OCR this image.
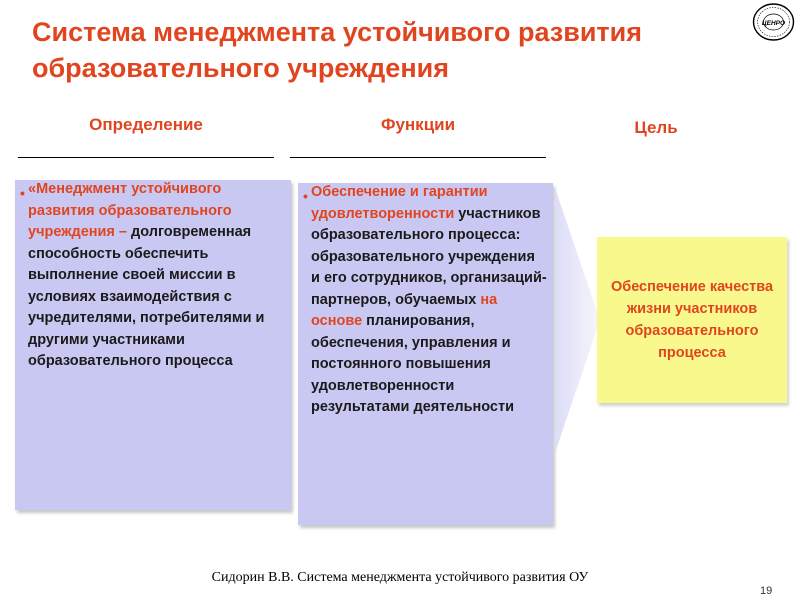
Система менеджмента устойчивого развития
образовательного учреждения
ЦЕНРО
Определение	Функции	Цель
• «Менеджмент устойчивого развития образовательного учреждения – долговременная способность обеспечить выполнение своей миссии в условиях взаимодействия с учредителями, потребителями и другими участниками образовательного процесса
• Обеспечение и гарантии удовлетворенности участников образовательного процесса: образовательного учреждения и его сотрудников, организаций-партнеров, обучаемых на основе планирования, обеспечения, управления и постоянного повышения удовлетворенности результатами деятельности
Обеспечение качества жизни участников образовательного процесса
Сидорин В.В. Система менеджмента устойчивого развития ОУ
19
